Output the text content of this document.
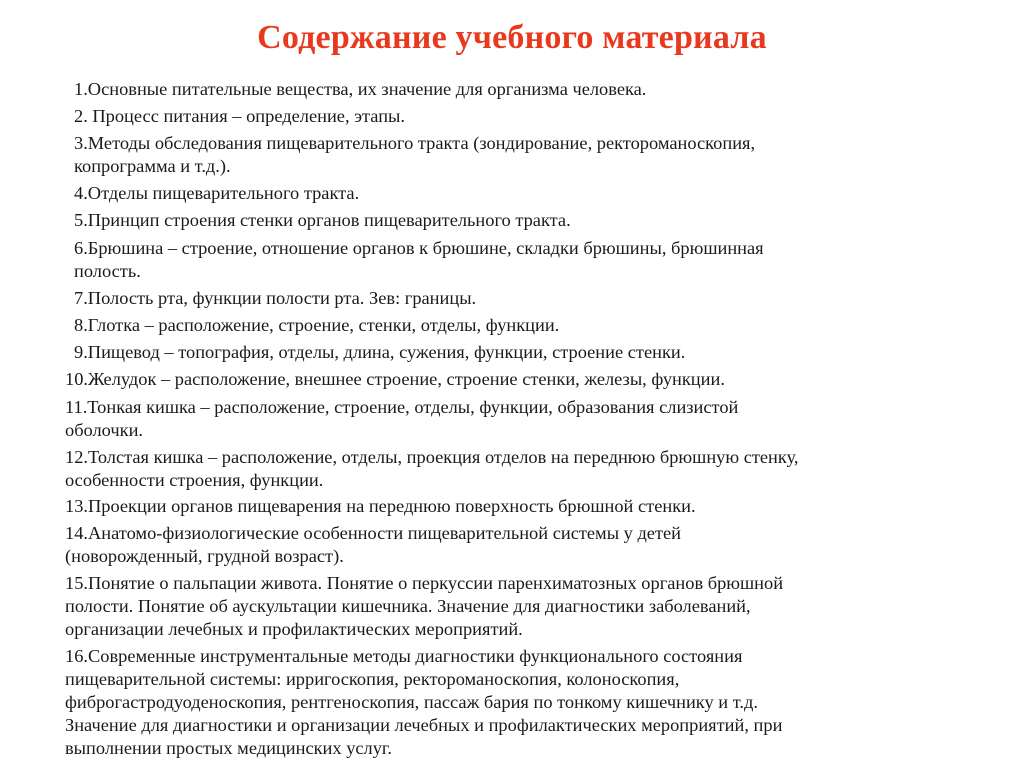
Содержание учебного материала
1.Основные питательные вещества, их значение для организма человека.
2. Процесс питания – определение, этапы.
3.Методы обследования пищеварительного тракта (зондирование, ректороманоскопия,
копрограмма и т.д.).
4.Отделы пищеварительного тракта.
5.Принцип строения стенки органов пищеварительного тракта.
6.Брюшина – строение, отношение органов к брюшине, складки брюшины, брюшинная
полость.
7.Полость рта, функции полости рта. Зев: границы.
8.Глотка – расположение, строение, стенки, отделы, функции.
9.Пищевод – топография, отделы, длина, сужения, функции, строение стенки.
10.Желудок – расположение, внешнее строение, строение стенки, железы, функции.
11.Тонкая кишка – расположение, строение, отделы, функции, образования слизистой
оболочки.
12.Толстая кишка – расположение, отделы, проекция отделов на переднюю брюшную стенку,
особенности строения, функции.
13.Проекции органов пищеварения на переднюю поверхность брюшной стенки.
14.Анатомо-физиологические особенности пищеварительной системы у детей
(новорожденный, грудной возраст).
15.Понятие о пальпации живота. Понятие о перкуссии паренхиматозных органов брюшной
полости. Понятие об аускультации кишечника. Значение для диагностики заболеваний,
организации лечебных и профилактических мероприятий.
16.Современные инструментальные методы диагностики функционального состояния
пищеварительной системы: ирригоскопия, ректороманоскопия, колоноскопия,
фиброгастродуоденоскопия, рентгеноскопия, пассаж бария по тонкому кишечнику и т.д.
Значение для диагностики и организации лечебных и профилактических мероприятий, при
выполнении простых медицинских услуг.
